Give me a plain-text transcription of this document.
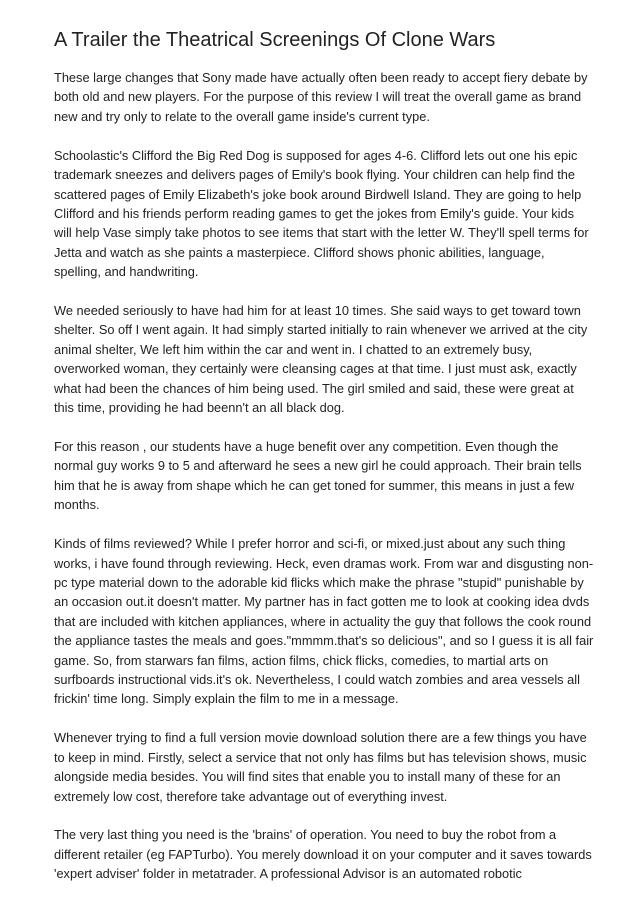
A Trailer the Theatrical Screenings Of Clone Wars

These large changes that Sony made have actually often been ready to accept fiery debate by both old and new players. For the purpose of this review I will treat the overall game as brand new and try only to relate to the overall game inside's current type.

Schoolastic's Clifford the Big Red Dog is supposed for ages 4-6. Clifford lets out one his epic trademark sneezes and delivers pages of Emily's book flying. Your children can help find the scattered pages of Emily Elizabeth's joke book around Birdwell Island. They are going to help Clifford and his friends perform reading games to get the jokes from Emily's guide. Your kids will help Vase simply take photos to see items that start with the letter W. They'll spell terms for Jetta and watch as she paints a masterpiece. Clifford shows phonic abilities, language, spelling, and handwriting.

We needed seriously to have had him for at least 10 times. She said ways to get toward town shelter. So off I went again. It had simply started initially to rain whenever we arrived at the city animal shelter, We left him within the car and went in. I chatted to an extremely busy, overworked woman, they certainly were cleansing cages at that time. I just must ask, exactly what had been the chances of him being used. The girl smiled and said, these were great at this time, providing he had beenn't an all black dog.

For this reason , our students have a huge benefit over any competition. Even though the normal guy works 9 to 5 and afterward he sees a new girl he could approach. Their brain tells him that he is away from shape which he can get toned for summer, this means in just a few months.

Kinds of films reviewed? While I prefer horror and sci-fi, or mixed.just about any such thing works, i have found through reviewing. Heck, even dramas work. From war and disgusting non-pc type material down to the adorable kid flicks which make the phrase "stupid" punishable by an occasion out.it doesn't matter. My partner has in fact gotten me to look at cooking idea dvds that are included with kitchen appliances, where in actuality the guy that follows the cook round the appliance tastes the meals and goes."mmmm.that's so delicious", and so I guess it is all fair game. So, from starwars fan films, action films, chick flicks, comedies, to martial arts on surfboards instructional vids.it's ok. Nevertheless, I could watch zombies and area vessels all frickin' time long. Simply explain the film to me in a message.

Whenever trying to find a full version movie download solution there are a few things you have to keep in mind. Firstly, select a service that not only has films but has television shows, music alongside media besides. You will find sites that enable you to install many of these for an extremely low cost, therefore take advantage out of everything invest.

The very last thing you need is the 'brains' of operation. You need to buy the robot from a different retailer (eg FAPTurbo). You merely download it on your computer and it saves towards 'expert adviser' folder in metatrader. A professional Advisor is an automated robotic
